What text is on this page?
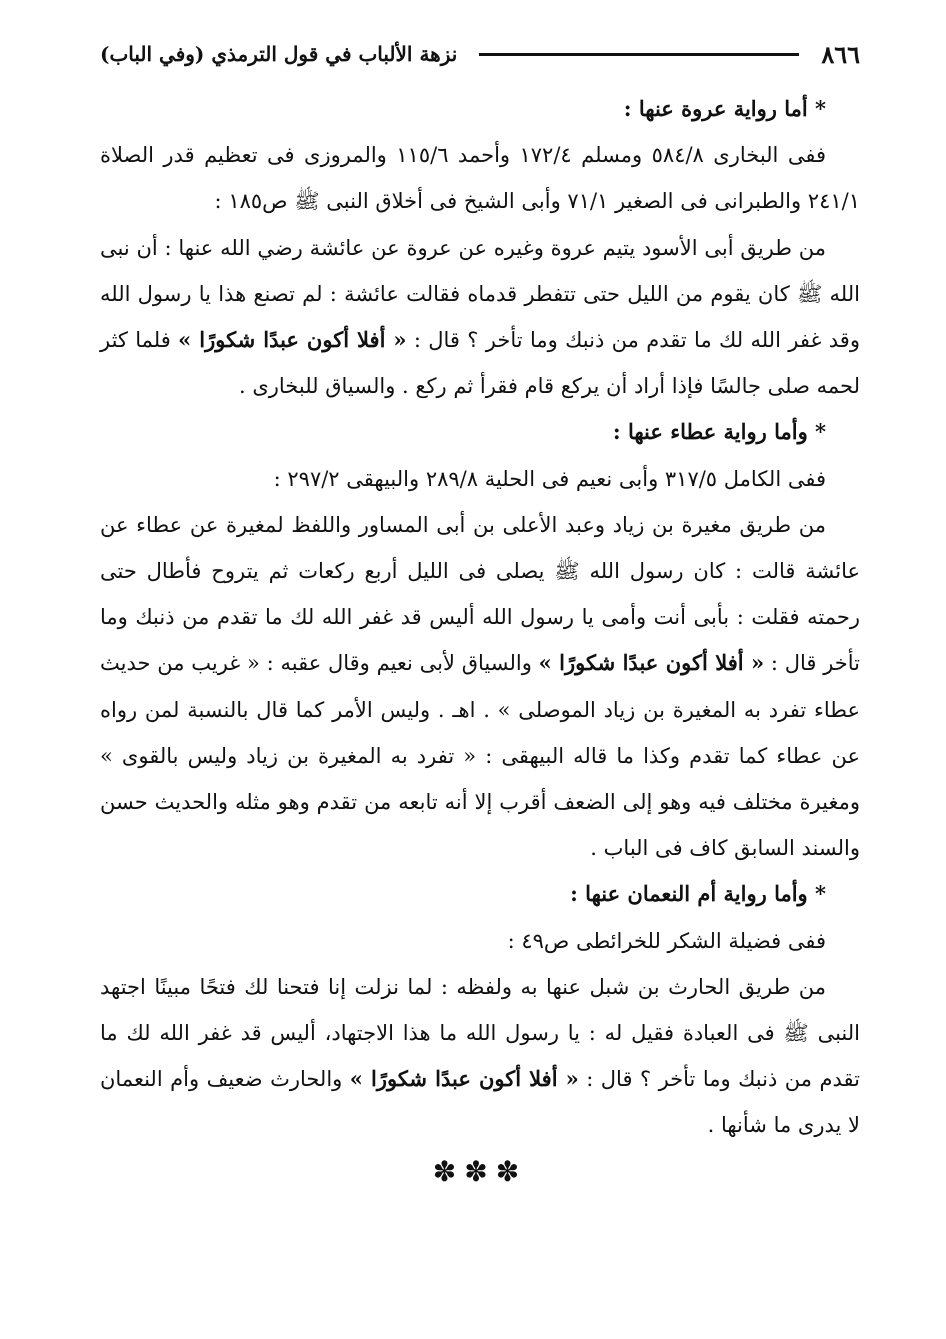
٨٦٦
نزهة الألباب في قول الترمذي (وفي الباب)

* أما رواية عروة عنها :

ففى البخارى ٥٨٤/٨ ومسلم ١٧٢/٤ وأحمد ١١٥/٦ والمروزى فى تعظيم قدر الصلاة ٢٤١/١ والطبرانى فى الصغير ٧١/١ وأبى الشيخ فى أخلاق النبى ﷺ ص١٨٥ :

من طريق أبى الأسود يتيم عروة وغيره عن عروة عن عائشة رضي الله عنها : أن نبى الله ﷺ كان يقوم من الليل حتى تتفطر قدماه فقالت عائشة : لم تصنع هذا يا رسول الله وقد غفر الله لك ما تقدم من ذنبك وما تأخر ؟ قال : « أفلا أكون عبدًا شكورًا » فلما كثر لحمه صلى جالسًا فإذا أراد أن يركع قام فقرأ ثم ركع . والسياق للبخارى .

* وأما رواية عطاء عنها :

ففى الكامل ٣١٧/٥ وأبى نعيم فى الحلية ٢٨٩/٨ والبيهقى ٢٩٧/٢ :

من طريق مغيرة بن زياد وعبد الأعلى بن أبى المساور واللفظ لمغيرة عن عطاء عن عائشة قالت : كان رسول الله ﷺ يصلى فى الليل أربع ركعات ثم يتروح فأطال حتى رحمته فقلت : بأبى أنت وأمى يا رسول الله أليس قد غفر الله لك ما تقدم من ذنبك وما تأخر قال : « أفلا أكون عبدًا شكورًا » والسياق لأبى نعيم وقال عقبه : « غريب من حديث عطاء تفرد به المغيرة بن زياد الموصلى » . اهـ . وليس الأمر كما قال بالنسبة لمن رواه عن عطاء كما تقدم وكذا ما قاله البيهقى : « تفرد به المغيرة بن زياد وليس بالقوى » ومغيرة مختلف فيه وهو إلى الضعف أقرب إلا أنه تابعه من تقدم وهو مثله والحديث حسن والسند السابق كاف فى الباب .

* وأما رواية أم النعمان عنها :

ففى فضيلة الشكر للخرائطى ص٤٩ :

من طريق الحارث بن شبل عنها به ولفظه : لما نزلت إنا فتحنا لك فتحًا مبينًا اجتهد النبى ﷺ فى العبادة فقيل له : يا رسول الله ما هذا الاجتهاد، أليس قد غفر الله لك ما تقدم من ذنبك وما تأخر ؟ قال : « أفلا أكون عبدًا شكورًا » والحارث ضعيف وأم النعمان لا يدرى ما شأنها .

✽✽✽
